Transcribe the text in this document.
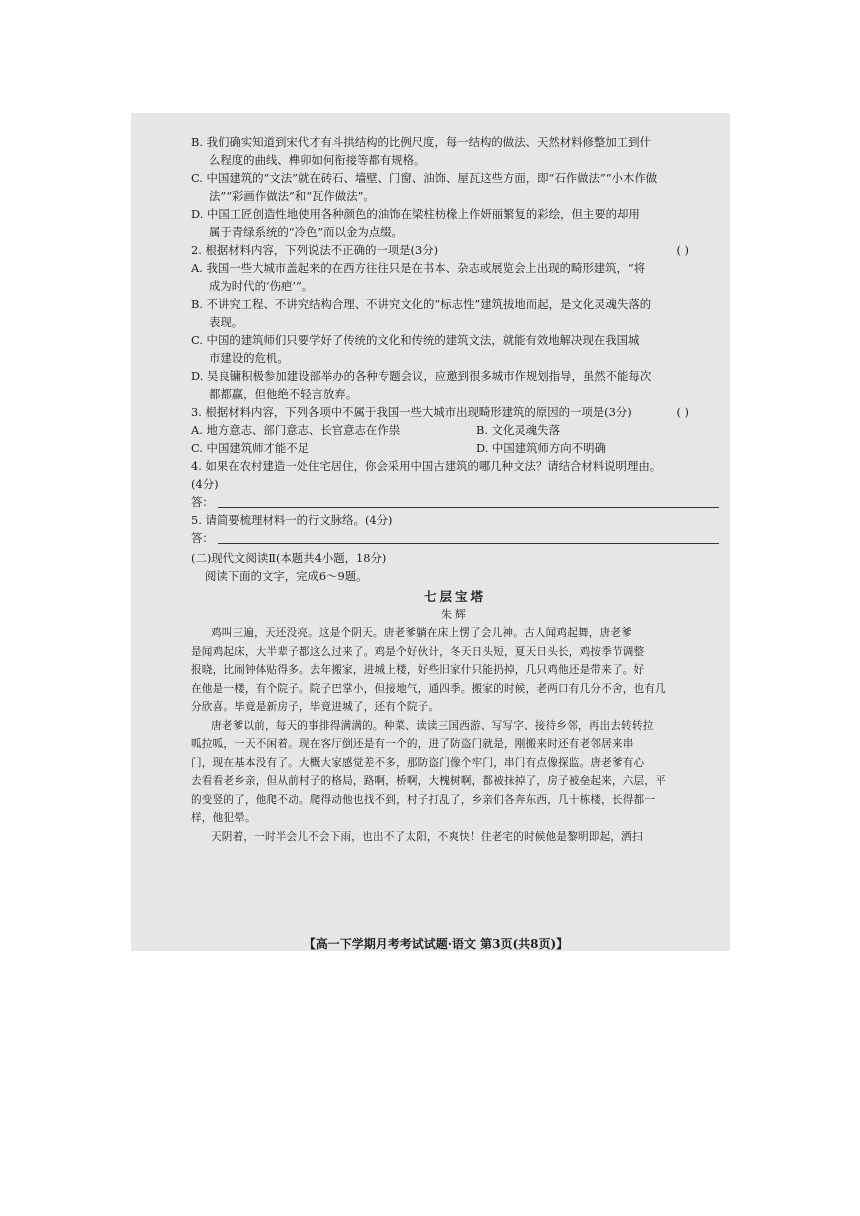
B. 我们确实知道到宋代才有斗拱结构的比例尺度，每一结构的做法、天然材料修整加工到什
么程度的曲线、榫卯如何衔接等都有规格。
C. 中国建筑的“文法”就在砖石、墙壁、门窗、油饰、屋瓦这些方面，即“石作做法”“小木作做
法”“彩画作做法”和“瓦作做法”。
D. 中国工匠创造性地使用各种颜色的油饰在梁柱枋椽上作妍丽繁复的彩绘，但主要的却用
属于青绿系统的“冷色”而以金为点缀。
2. 根据材料内容，下列说法不正确的一项是(3分)	( )
A. 我国一些大城市盖起来的在西方往往只是在书本、杂志或展览会上出现的畸形建筑，“将
成为时代的‘伤疤’”。
B. 不讲究工程、不讲究结构合理、不讲究文化的“标志性”建筑拔地而起，是文化灵魂失落的
表现。
C. 中国的建筑师们只要学好了传统的文化和传统的建筑文法，就能有效地解决现在我国城
市建设的危机。
D. 吴良镛积极参加建设部举办的各种专题会议，应邀到很多城市作规划指导，虽然不能每次
都都赢，但他绝不轻言放弃。
3. 根据材料内容，下列各项中不属于我国一些大城市出现畸形建筑的原因的一项是(3分)	( )
A. 地方意志、部门意志、长官意志在作祟	B. 文化灵魂失落
C. 中国建筑师才能不足	D. 中国建筑师方向不明确
4. 如果在农村建造一处住宅居住，你会采用中国古建筑的哪几种文法？请结合材料说明理由。
(4分)
答：
5. 请简要梳理材料一的行文脉络。(4分)
答：
(二)现代文阅读Ⅱ(本题共4小题，18分)
阅读下面的文字，完成6～9题。
七层宝塔
朱辉
鸡叫三遍，天还没亮。这是个阴天。唐老爹躺在床上愣了会儿神。古人闻鸡起舞，唐老爹
是闻鸡起床，大半辈子都这么过来了。鸡是个好伙计，冬天日头短，夏天日头长，鸡按季节调整
报晓，比闹钟体贴得多。去年搬家，进城上楼，好些旧家什只能扔掉，几只鸡他还是带来了。好
在他是一楼，有个院子。院子巴掌小，但接地气，通四季。搬家的时候，老两口有几分不舍，也有几
分欣喜。毕竟是新房子，毕竟进城了，还有个院子。
唐老爹以前，每天的事排得满满的。种菜、读读三国西游、写写字、接待乡邻，再出去转转拉
呱拉呱，一天不闲着。现在客厅倒还是有一个的，进了防盗门就是，刚搬来时还有老邻居来串
门，现在基本没有了。大概大家感觉差不多，那防盗门像个牢门，串门有点像探监。唐老爹有心
去看看老乡亲，但从前村子的格局，路啊，桥啊，大槐树啊，都被抹掉了，房子被垒起来，六层，平
的变竖的了，他爬不动。爬得动他也找不到，村子打乱了，乡亲们各奔东西，几十栋楼，长得都一
样，他犯晕。
天阴着，一时半会儿不会下雨，也出不了太阳，不爽快！住老宅的时候他是黎明即起，洒扫
【高一下学期月考考试试题·语文 第3页(共8页)】
